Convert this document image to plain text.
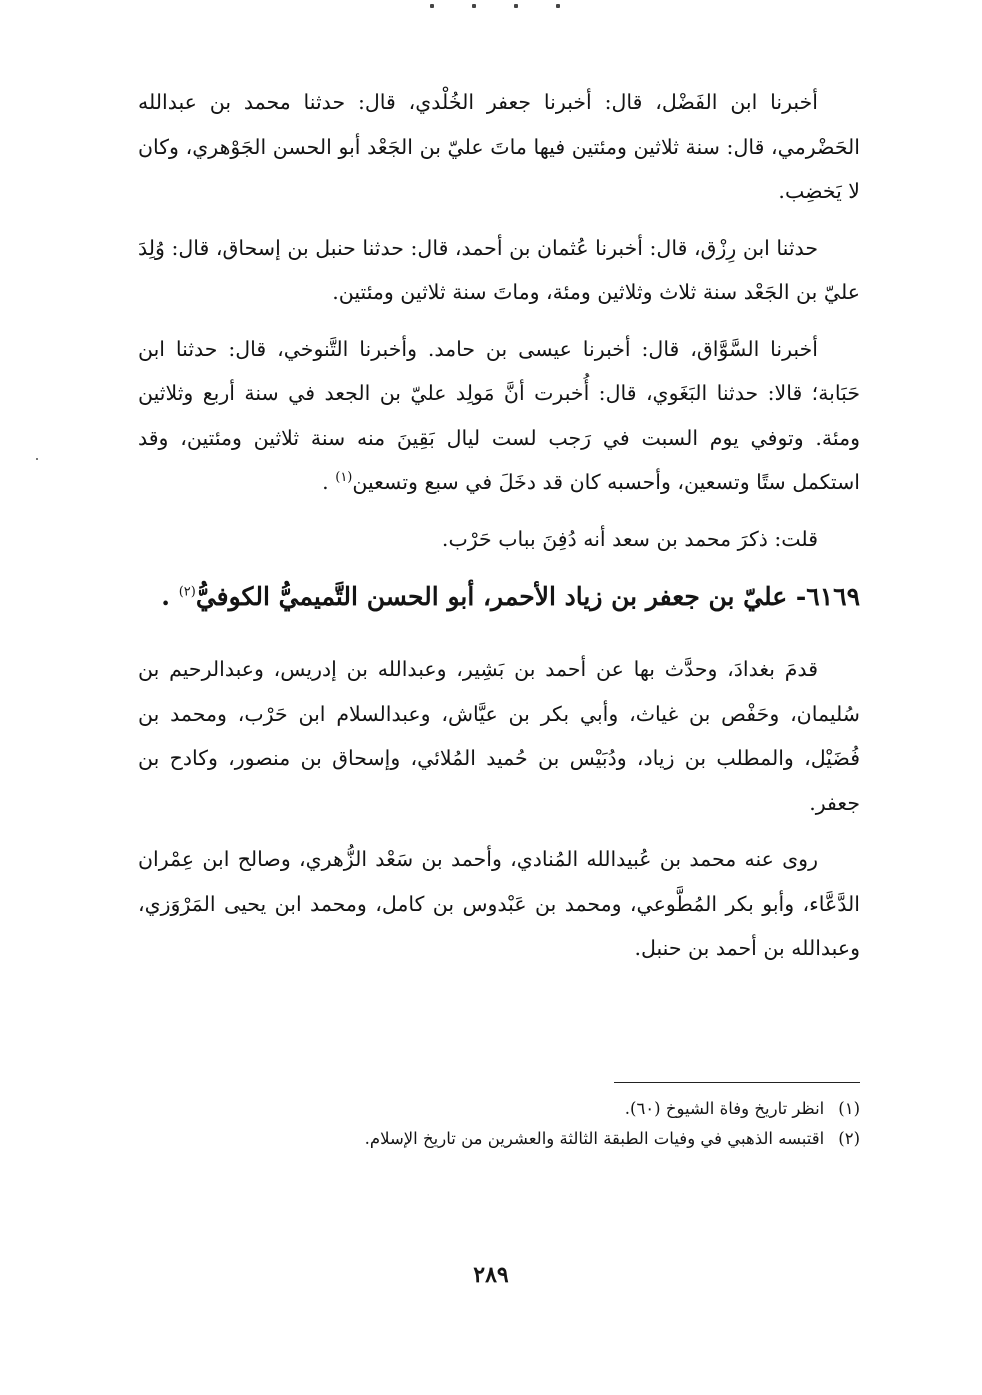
أخبرنا ابن الفَضْل، قال: أخبرنا جعفر الخُلْدي، قال: حدثنا محمد بن عبدالله الحَضْرمي، قال: سنة ثلاثين ومئتين فيها ماتَ عليّ بن الجَعْد أبو الحسن الجَوْهري، وكان لا يَخضِب.

حدثنا ابن رِزْق، قال: أخبرنا عُثمان بن أحمد، قال: حدثنا حنبل بن إسحاق، قال: وُلِدَ عليّ بن الجَعْد سنة ثلاث وثلاثين ومئة، وماتَ سنة ثلاثين ومئتين.

أخبرنا السَّوَّاق، قال: أخبرنا عيسى بن حامد. وأخبرنا التَّنوخي، قال: حدثنا ابن حَبَابة؛ قالا: حدثنا البَغَوي، قال: أُخبرت أنَّ مَولِد عليّ بن الجعد في سنة أربع وثلاثين ومئة. وتوفي يوم السبت في رَجب لست ليال بَقِينَ منه سنة ثلاثين ومئتين، وقد استكمل ستًا وتسعين، وأحسبه كان قد دخَلَ في سبع وتسعين$^{(١)}$ .

قلت: ذكرَ محمد بن سعد أنه دُفِنَ بباب حَرْب.

٦١٦٩- عليّ بن جعفر بن زياد الأحمر، أبو الحسن التَّميميُّ الكوفيُّ$^{(٢)}$ .

قدمَ بغدادَ، وحدَّث بها عن أحمد بن بَشِير، وعبدالله بن إدريس، وعبدالرحيم بن سُليمان، وحَفْص بن غياث، وأبي بكر بن عيَّاش، وعبدالسلام ابن حَرْب، ومحمد بن فُضَيْل، والمطلب بن زياد، ودُبَيْس بن حُميد المُلائي، وإسحاق بن منصور، وكادح بن جعفر.

روى عنه محمد بن عُبيدالله المُنادي، وأحمد بن سَعْد الزُّهري، وصالح ابن عِمْران الدَّعَّاء، وأبو بكر المُطَّوعي، ومحمد بن عَبْدوس بن كامل، ومحمد ابن يحيى المَرْوَزي، وعبدالله بن أحمد بن حنبل.

(١)انظر تاريخ وفاة الشيوخ (٦٠).

(٢)اقتبسه الذهبي في وفيات الطبقة الثالثة والعشرين من تاريخ الإسلام.

٢٨٩
